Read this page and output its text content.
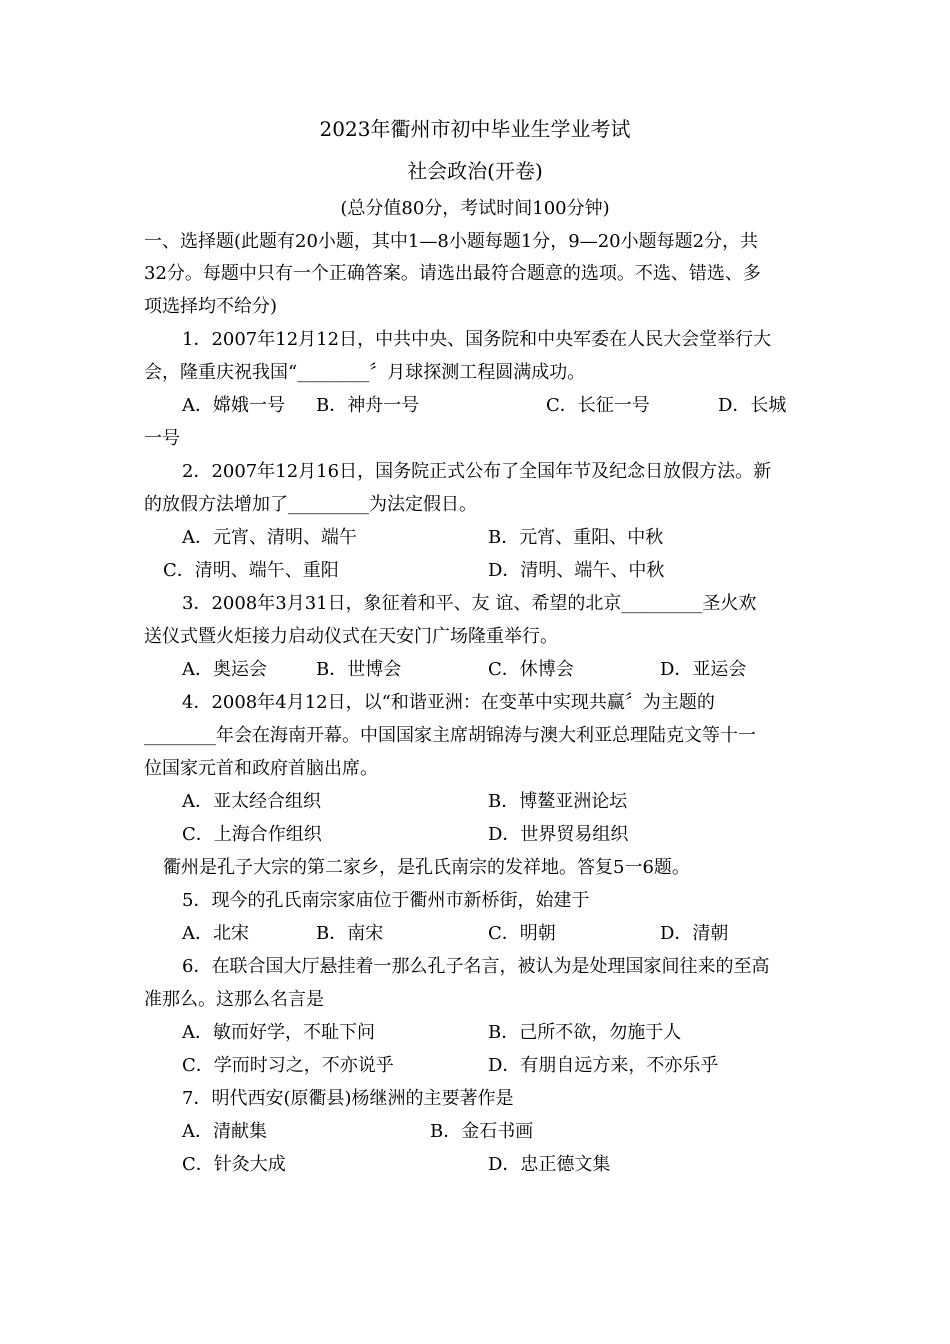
2023年衢州市初中毕业生学业考试
社会政治(开卷)
(总分值80分，考试时间100分钟)
一、选择题(此题有20小题，其中1—8小题每题1分，9—20小题每题2分，共
32分。每题中只有一个正确答案。请选出最符合题意的选项。不选、错选、多
项选择均不给分)
1．2007年12月12日，中共中央、国务院和中央军委在人民大会堂举行大
会，隆重庆祝我国“________〞月球探测工程圆满成功。
A．嫦娥一号 B．神舟一号	C．长征一号	D．长城
一号
2．2007年12月16日，国务院正式公布了全国年节及纪念日放假方法。新
的放假方法增加了_________为法定假日。
A．元宵、清明、端午	B．元宵、重阳、中秋
C．清明、端午、重阳	D．清明、端午、中秋
3．2008年3月31日，象征着和平、友 谊、希望的北京_________圣火欢
送仪式暨火炬接力启动仪式在天安门广场隆重举行。
A．奥运会	B．世博会	C．休博会	D．亚运会
4．2008年4月12日，以“和谐亚洲：在变革中实现共赢〞为主题的
________年会在海南开幕。中国国家主席胡锦涛与澳大利亚总理陆克文等十一
位国家元首和政府首脑出席。
A．亚太经合组织	B．博鳌亚洲论坛
C．上海合作组织	D．世界贸易组织
衢州是孔子大宗的第二家乡，是孔氏南宗的发祥地。答复5一6题。
5．现今的孔氏南宗家庙位于衢州市新桥街，始建于
A．北宋	B．南宋	C．明朝	D．清朝
6．在联合国大厅悬挂着一那么孔子名言，被认为是处理国家间往来的至高
准那么。这那么名言是
A．敏而好学，不耻下问	B．己所不欲，勿施于人
C．学而时习之，不亦说乎	D．有朋自远方来，不亦乐乎
7．明代西安(原衢县)杨继洲的主要著作是
A．清献集	B．金石书画
C．针灸大成	D．忠正德文集
